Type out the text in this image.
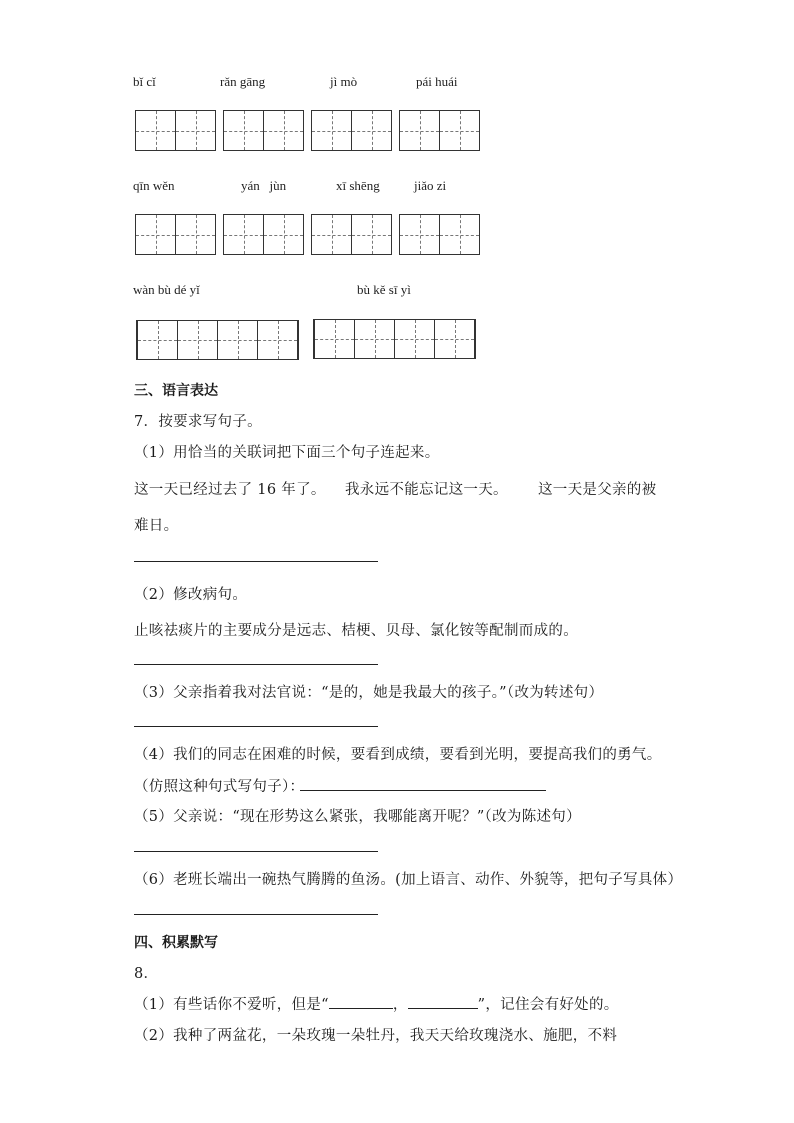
bǐ cǐ	rǎn gāng	jì mò	pái huái
qīn wěn	yán   jùn	xī shēng	jiǎo zi
wàn bù dé yǐ	bù kě sī yì
三、语言表达
7．按要求写句子。
（1）用恰当的关联词把下面三个句子连起来。
这一天已经过去了 16 年了。 我永远不能忘记这一天。 这一天是父亲的被
难日。
（2）修改病句。
止咳祛痰片的主要成分是远志、桔梗、贝母、氯化铵等配制而成的。
（3）父亲指着我对法官说：“是的，她是我最大的孩子。”（改为转述句）
（4）我们的同志在困难的时候，要看到成绩，要看到光明，要提高我们的勇气。
（仿照这种句式写句子）：
（5）父亲说：“现在形势这么紧张，我哪能离开呢？”（改为陈述句）
（6）老班长端出一碗热气腾腾的鱼汤。(加上语言、动作、外貌等，把句子写具体）
四、积累默写
8．
（1）有些话你不爱听，但是“	，	”，记住会有好处的。
（2）我种了两盆花，一朵玫瑰一朵牡丹，我天天给玫瑰浇水、施肥，不料
